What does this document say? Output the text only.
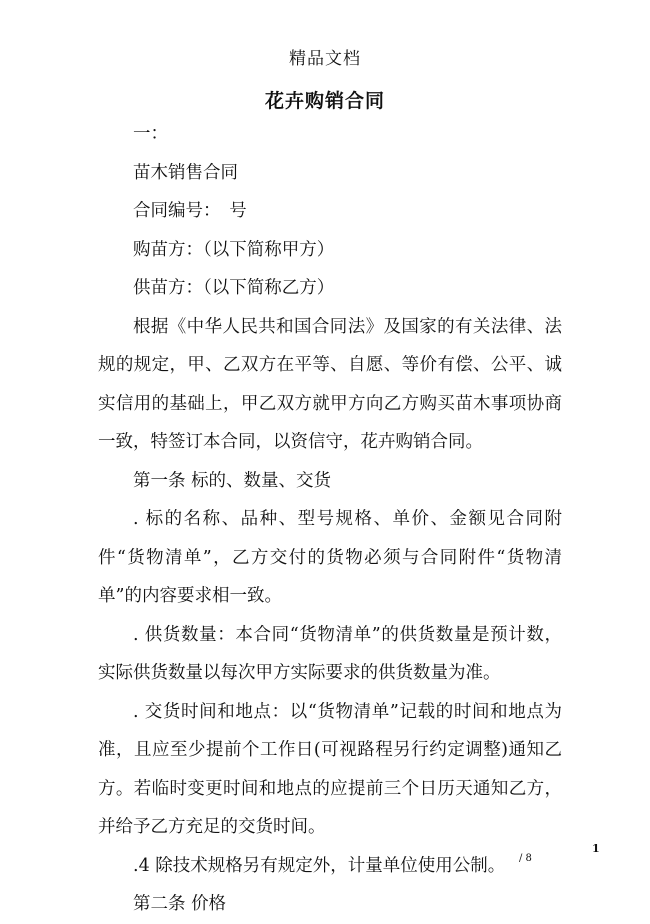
精品文档
花卉购销合同

一：

苗木销售合同

合同编号：　号

购苗方：（以下简称甲方）

供苗方：（以下简称乙方）

根据《中华人民共和国合同法》及国家的有关法律、法规的规定，甲、乙双方在平等、自愿、等价有偿、公平、诚实信用的基础上，甲乙双方就甲方向乙方购买苗木事项协商一致，特签订本合同，以资信守，花卉购销合同。

第一条 标的、数量、交货

. 标的名称、品种、型号规格、单价、金额见合同附件“货物清单”，乙方交付的货物必须与合同附件“货物清单”的内容要求相一致。

. 供货数量：本合同“货物清单”的供货数量是预计数，实际供货数量以每次甲方实际要求的供货数量为准。

. 交货时间和地点：以“货物清单”记载的时间和地点为准，且应至少提前个工作日(可视路程另行约定调整)通知乙方。若临时变更时间和地点的应提前三个日历天通知乙方，并给予乙方充足的交货时间。

.4 除技术规格另有规定外，计量单位使用公制。

第二条 价格

1
/ 8
